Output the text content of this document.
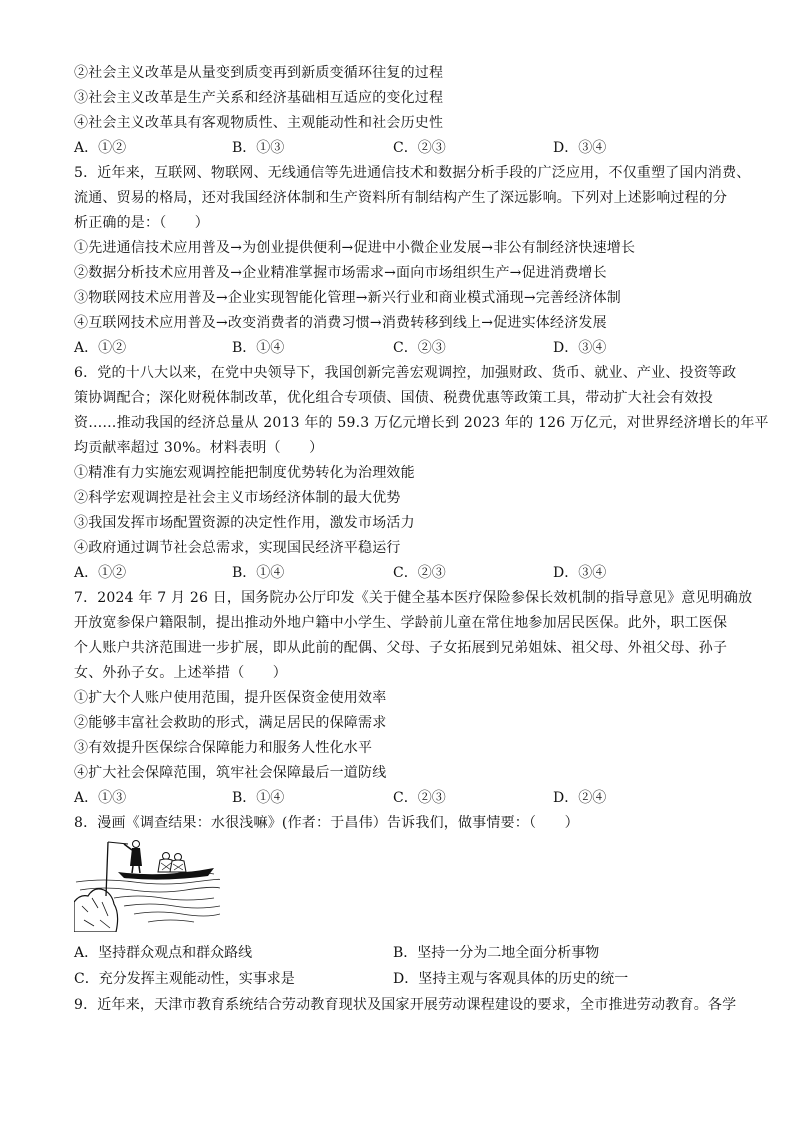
②社会主义改革是从量变到质变再到新质变循环往复的过程
③社会主义改革是生产关系和经济基础相互适应的变化过程
④社会主义改革具有客观物质性、主观能动性和社会历史性
A．①②	B．①③	C．②③	D．③④
5．近年来，互联网、物联网、无线通信等先进通信技术和数据分析手段的广泛应用，不仅重塑了国内消费、
流通、贸易的格局，还对我国经济体制和生产资料所有制结构产生了深远影响。下列对上述影响过程的分
析正确的是：（　　）
①先进通信技术应用普及→为创业提供便利→促进中小微企业发展→非公有制经济快速增长
②数据分析技术应用普及→企业精准掌握市场需求→面向市场组织生产→促进消费增长
③物联网技术应用普及→企业实现智能化管理→新兴行业和商业模式涌现→完善经济体制
④互联网技术应用普及→改变消费者的消费习惯→消费转移到线上→促进实体经济发展
A．①②	B．①④	C．②③	D．③④
6．党的十八大以来，在党中央领导下，我国创新完善宏观调控，加强财政、货币、就业、产业、投资等政
策协调配合；深化财税体制改革，优化组合专项债、国债、税费优惠等政策工具，带动扩大社会有效投
资……推动我国的经济总量从 2013 年的 59.3 万亿元增长到 2023 年的 126 万亿元，对世界经济增长的年平
均贡献率超过 30%。材料表明（　　）
①精准有力实施宏观调控能把制度优势转化为治理效能
②科学宏观调控是社会主义市场经济体制的最大优势
③我国发挥市场配置资源的决定性作用，激发市场活力
④政府通过调节社会总需求，实现国民经济平稳运行
A．①②	B．①④	C．②③	D．③④
7．2024 年 7 月 26 日，国务院办公厅印发《关于健全基本医疗保险参保长效机制的指导意见》意见明确放
开放宽参保户籍限制，提出推动外地户籍中小学生、学龄前儿童在常住地参加居民医保。此外，职工医保
个人账户共济范围进一步扩展，即从此前的配偶、父母、子女拓展到兄弟姐妹、祖父母、外祖父母、孙子
女、外孙子女。上述举措（　　）
①扩大个人账户使用范围，提升医保资金使用效率
②能够丰富社会救助的形式，满足居民的保障需求
③有效提升医保综合保障能力和服务人性化水平
④扩大社会保障范围，筑牢社会保障最后一道防线
A．①③	B．①④	C．②③	D．②④
8．漫画《调查结果：水很浅嘛》(作者：于昌伟）告诉我们，做事情要：（　　）
A．坚持群众观点和群众路线	B．坚持一分为二地全面分析事物
C．充分发挥主观能动性，实事求是	D．坚持主观与客观具体的历史的统一
9．近年来，天津市教育系统结合劳动教育现状及国家开展劳动课程建设的要求，全市推进劳动教育。各学
